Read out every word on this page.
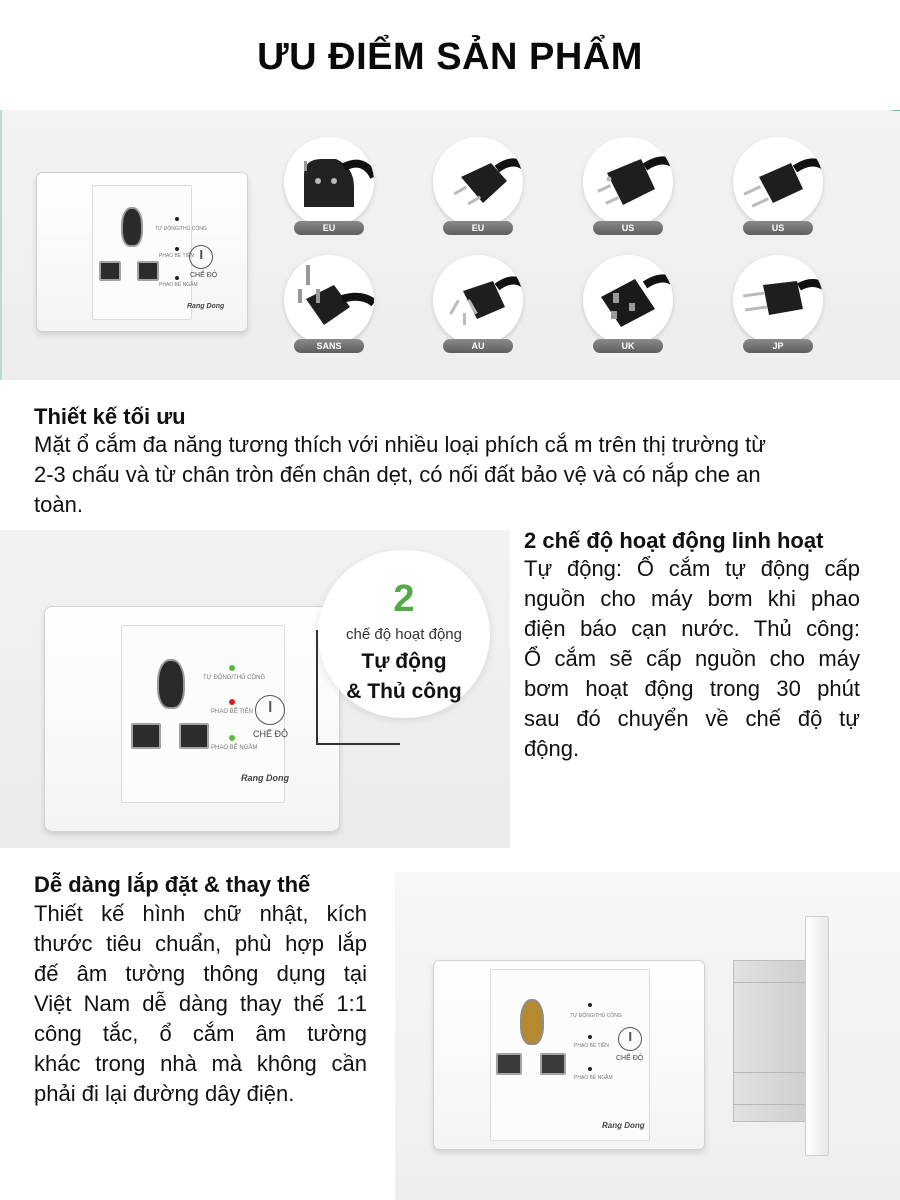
ƯU ĐIỂM SẢN PHẨM
TỰ ĐỘNG/THỦ CÔNG
PHAO BỂ TIÊN
PHAO BỂ NGẦM
CHẾ ĐỘ
Rang Dong
EU	EU	US	US
SANS	AU	UK	JP
Thiết kế tối ưu
Mặt ổ cắm đa năng tương thích với nhiều loại phích cắ m trên thị trường từ
2-3 chấu và từ chân tròn đến chân dẹt, có nối đất bảo vệ và có nắp che an
toàn.
TỰ ĐỘNG/THỦ CÔNG
PHAO BỂ TIÊN
PHAO BỂ NGẦM
CHẾ ĐỘ
Rang Dong
2
chế độ hoạt động
Tự động
& Thủ công
2 chế độ hoạt động linh hoạt
Tự động: Ổ cắm tự động cấp
nguồn cho máy bơm khi phao
điện báo cạn nước. Thủ công:
Ổ cắm sẽ cấp nguồn cho máy
bơm hoạt động trong 30 phút
sau đó chuyển về chế độ tự
động.
Dễ dàng lắp đặt & thay thế
Thiết kế hình chữ nhật, kích
thước tiêu chuẩn, phù hợp lắp
đế âm tường thông dụng tại
Việt Nam dễ dàng thay thế 1:1
công tắc, ổ cắm âm tường
khác trong nhà mà không cần
phải đi lại đường dây điện.
TỰ ĐỘNG/THỦ CÔNG
PHAO BỂ TIÊN
PHAO BỂ NGẦM
CHẾ ĐỘ
Rang Dong
